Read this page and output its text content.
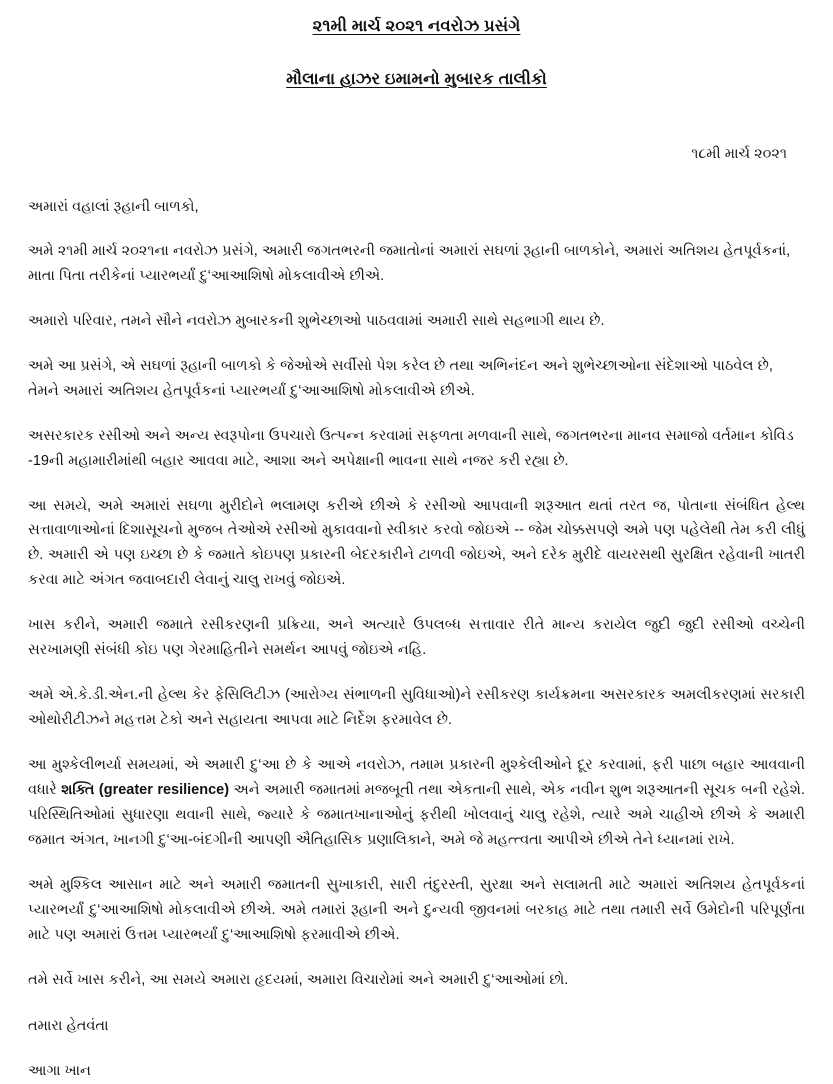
૨૧મી માર્ચ ૨૦૨૧ નવરોઝ પ્રસંગે
મૌલાના હાઝર ઇમામનો મુબારક તાલીકો
૧૮મી માર્ચ ૨૦૨૧
અમારાં વહાલાં રૂહાની બાળકો,

અમે ૨૧મી માર્ચ ૨૦૨૧ના નવરોઝ પ્રસંગે, અમારી જગતભરની જમાતોનાં અમારાં સઘળાં રૂહાની બાળકોને, અમારાં અતિશય હેતપૂર્વકનાં, માતા પિતા તરીકેનાં પ્યારભર્યાં દુ‘આઆશિષો મોકલાવીએ છીએ.

અમારો પરિવાર, તમને સૌને નવરોઝ મુબારકની શુભેચ્છાઓ પાઠવવામાં અમારી સાથે સહભાગી થાય છે.

અમે આ પ્રસંગે, એ સઘળાં રૂહાની બાળકો કે જેઓએ સર્વીસો પેશ કરેલ છે તથા અભિનંદન અને શુભેચ્છાઓના સંદેશાઓ પાઠવેલ છે, તેમને અમારાં અતિશય હેતપૂર્વકનાં પ્યારભર્યાં દુ‘આઆશિષો મોકલાવીએ છીએ.

અસરકારક રસીઓ અને અન્ય સ્વરૂપોના ઉપચારો ઉત્પન્ન કરવામાં સફળતા મળવાની સાથે, જગતભરના માનવ સમાજો વર્તમાન કોવિડ -19ની મહામારીમાંથી બહાર આવવા માટે, આશા અને અપેક્ષાની ભાવના સાથે નજર કરી રહ્યા છે.

આ સમયે, અમે અમારાં સઘળા મુરીદોને ભલામણ કરીએ છીએ કે રસીઓ આપવાની શરૂઆત થતાં તરત જ, પોતાના સંબંધિત હેલ્થ સત્તાવાળાઓનાં દિશાસૂચનો મુજબ તેઓએ રસીઓ મુકાવવાનો સ્વીકાર કરવો જોઇએ -- જેમ ચોક્કસપણે અમે પણ પહેલેથી તેમ કરી લીધું છે. અમારી એ પણ ઇચ્છા છે કે જમાતે કોઇપણ પ્રકારની બેદરકારીને ટાળવી જોઇએ, અને દરેક મુરીદે વાયરસથી સુરક્ષિત રહેવાની ખાતરી કરવા માટે અંગત જવાબદારી લેવાનું ચાલુ રાખવું જોઇએ.

ખાસ કરીને, અમારી જમાતે રસીકરણની પ્રક્રિયા, અને અત્યારે ઉપલબ્ધ સત્તાવાર રીતે માન્ય કરાયેલ જુદી જુદી રસીઓ વચ્ચેની સરખામણી સંબંધી કોઇ પણ ગેરમાહિતીને સમર્થન આપવું જોઇએ નહિ.

અમે એ.કે.ડી.એન.ની હેલ્થ કેર ફેસિલિટીઝ (આરોગ્ય સંભાળની સુવિધાઓ)ને રસીકરણ કાર્યક્રમના અસરકારક અમલીકરણમાં સરકારી ઓથોરીટીઝને મહત્તમ ટેકો અને સહાયતા આપવા માટે નિર્દેશ ફરમાવેલ છે.

આ મુશ્કેલીભર્યા સમયમાં, એ અમારી દુ‘આ છે કે આએ નવરોઝ, તમામ પ્રકારની મુશ્કેલીઓને દૂર કરવામાં, ફરી પાછા બહાર આવવાની વધારે શક્તિ (greater resilience) અને અમારી જમાતમાં મજબૂતી તથા એકતાની સાથે, એક નવીન શુભ શરૂઆતની સૂચક બની રહેશે. પરિસ્થિતિઓમાં સુધારણા થવાની સાથે, જ્યારે કે જમાતખાનાઓનું ફરીથી ખોલવાનું ચાલુ રહેશે, ત્યારે અમે ચાહીએ છીએ કે અમારી જમાત અંગત, ખાનગી દુ‘આ-બંદગીની આપણી ઐતિહાસિક પ્રણાલિકાને, અમે જે મહત્ત્વતા આપીએ છીએ તેને ધ્યાનમાં રાખે.

અમે મુશ્કિલ આસાન માટે અને અમારી જમાતની સુખાકારી, સારી તંદુરસ્તી, સુરક્ષા અને સલામતી માટે અમારાં અતિશય હેતપૂર્વકનાં પ્યારભર્યાં દુ‘આઆશિષો મોકલાવીએ છીએ. અમે તમારાં રૂહાની અને દુન્યવી જીવનમાં બરકાહ માટે તથા તમારી સર્વે ઉમેદોની પરિપૂર્ણતા માટે પણ અમારાં ઉત્તમ પ્યારભર્યાં દુ‘આઆશિષો ફરમાવીએ છીએ.

તમે સર્વે ખાસ કરીને, આ સમયે અમારા હૃદયમાં, અમારા વિચારોમાં અને અમારી દુ‘આઓમાં છો.

તમારા હેતવંતા
આગા ખાન
